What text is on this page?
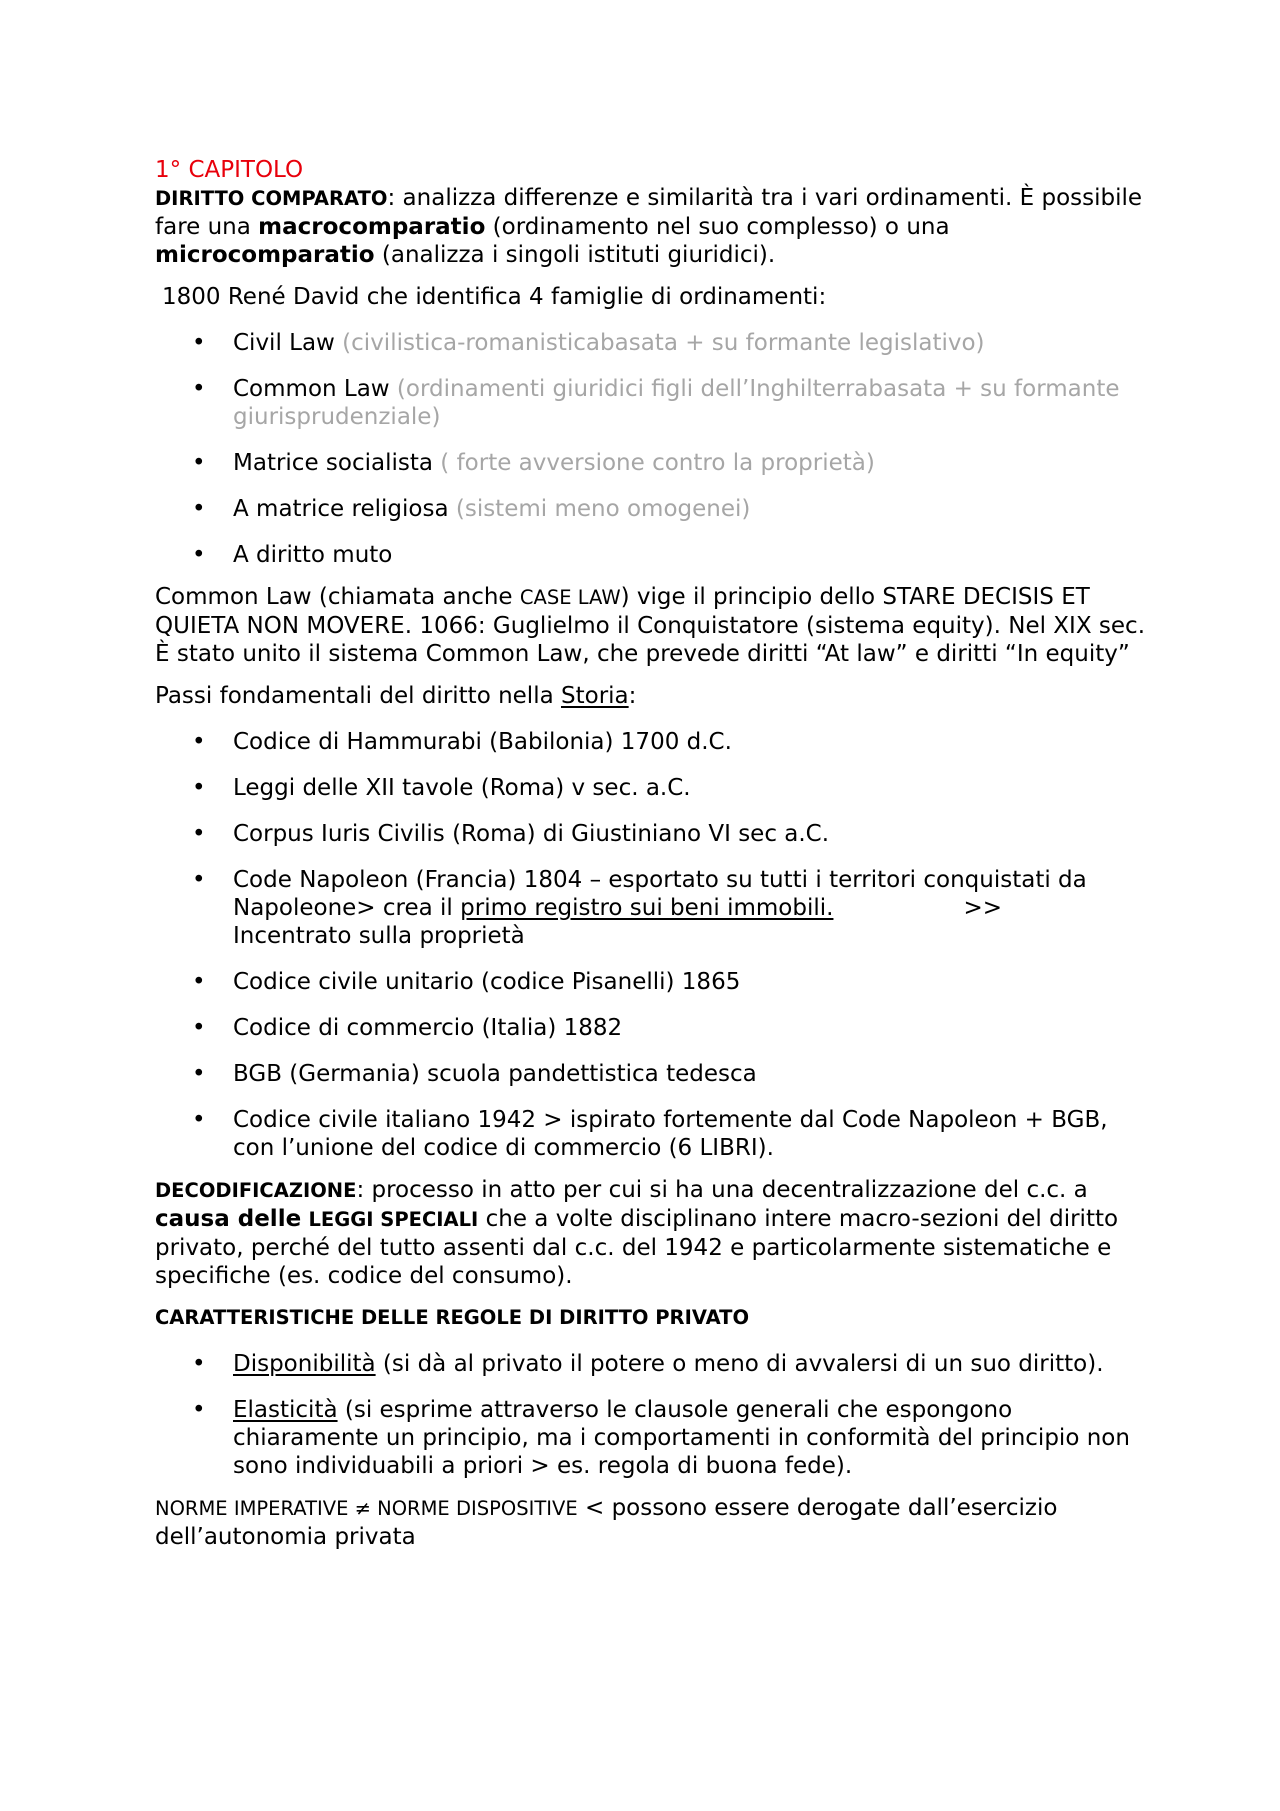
1° CAPITOLO

DIRITTO COMPARATO: analizza differenze e similarità tra i vari ordinamenti. È possibile fare una macrocomparatio (ordinamento nel suo complesso) o una microcomparatio (analizza i singoli istituti giuridici).

1800 René David che identifica 4 famiglie di ordinamenti:

• Civil Law (civilistica-romanisticabasata + su formante legislativo)
• Common Law (ordinamenti giuridici figli dell’Inghilterrabasata + su formante giurisprudenziale)
• Matrice socialista ( forte avversione contro la proprietà)
• A matrice religiosa (sistemi meno omogenei)
• A diritto muto

Common Law (chiamata anche CASE LAW) vige il principio dello STARE DECISIS ET QUIETA NON MOVERE. 1066: Guglielmo il Conquistatore (sistema equity). Nel XIX sec. È stato unito il sistema Common Law, che prevede diritti “At law” e diritti “In equity”

Passi fondamentali del diritto nella Storia:

• Codice di Hammurabi (Babilonia) 1700 d.C.
• Leggi delle XII tavole (Roma) v sec. a.C.
• Corpus Iuris Civilis (Roma) di Giustiniano VI sec a.C.
• Code Napoleon (Francia) 1804 – esportato su tutti i territori conquistati da Napoleone> crea il primo registro sui beni immobili.	>>
Incentrato sulla proprietà
• Codice civile unitario (codice Pisanelli) 1865
• Codice di commercio (Italia) 1882
• BGB (Germania) scuola pandettistica tedesca
• Codice civile italiano 1942 > ispirato fortemente dal Code Napoleon + BGB, con l’unione del codice di commercio (6 LIBRI).

DECODIFICAZIONE: processo in atto per cui si ha una decentralizzazione del c.c. a causa delle LEGGI SPECIALI che a volte disciplinano intere macro-sezioni del diritto privato, perché del tutto assenti dal c.c. del 1942 e particolarmente sistematiche e specifiche (es. codice del consumo).

CARATTERISTICHE DELLE REGOLE DI DIRITTO PRIVATO

• Disponibilità (si dà al privato il potere o meno di avvalersi di un suo diritto).
• Elasticità (si esprime attraverso le clausole generali che espongono chiaramente un principio, ma i comportamenti in conformità del principio non sono individuabili a priori > es. regola di buona fede).

NORME IMPERATIVE ≠ NORME DISPOSITIVE < possono essere derogate dall’esercizio dell’autonomia privata
